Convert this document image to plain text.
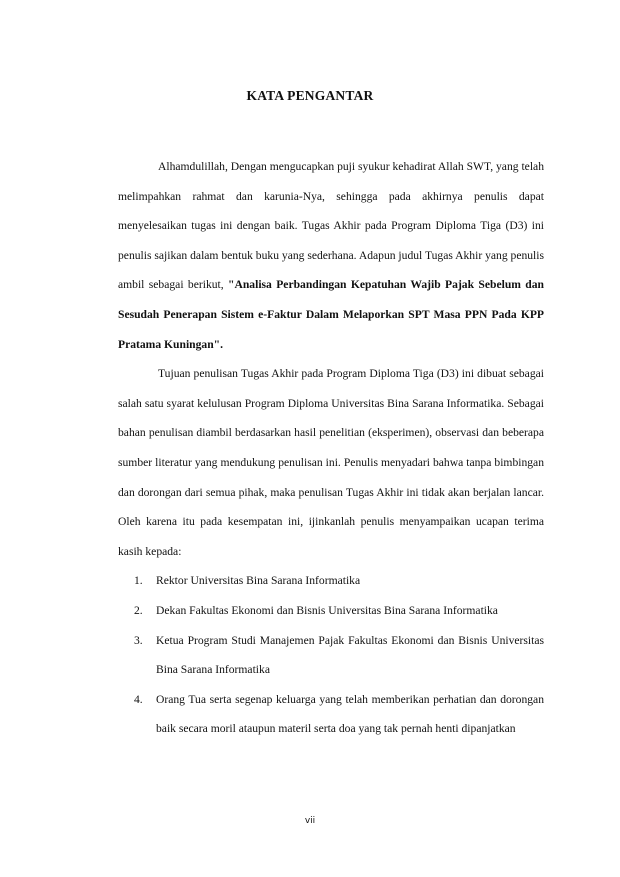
KATA PENGANTAR

Alhamdulillah, Dengan mengucapkan puji syukur kehadirat Allah SWT, yang telah melimpahkan rahmat dan karunia-Nya, sehingga pada akhirnya penulis dapat menyelesaikan tugas ini dengan baik. Tugas Akhir pada Program Diploma Tiga (D3) ini penulis sajikan dalam bentuk buku yang sederhana. Adapun judul Tugas Akhir yang penulis ambil sebagai berikut, "Analisa Perbandingan Kepatuhan Wajib Pajak Sebelum dan Sesudah Penerapan Sistem e-Faktur Dalam Melaporkan SPT Masa PPN Pada KPP Pratama Kuningan".

Tujuan penulisan Tugas Akhir pada Program Diploma Tiga (D3) ini dibuat sebagai salah satu syarat kelulusan Program Diploma Universitas Bina Sarana Informatika. Sebagai bahan penulisan diambil berdasarkan hasil penelitian (eksperimen), observasi dan beberapa sumber literatur yang mendukung penulisan ini. Penulis menyadari bahwa tanpa bimbingan dan dorongan dari semua pihak, maka penulisan Tugas Akhir ini tidak akan berjalan lancar. Oleh karena itu pada kesempatan ini, ijinkanlah penulis menyampaikan ucapan terima kasih kepada:

1. Rektor Universitas Bina Sarana Informatika
2. Dekan Fakultas Ekonomi dan Bisnis Universitas Bina Sarana Informatika
3. Ketua Program Studi Manajemen Pajak Fakultas Ekonomi dan Bisnis Universitas Bina Sarana Informatika
4. Orang Tua serta segenap keluarga yang telah memberikan perhatian dan dorongan baik secara moril ataupun materil serta doa yang tak pernah henti dipanjatkan
vii
